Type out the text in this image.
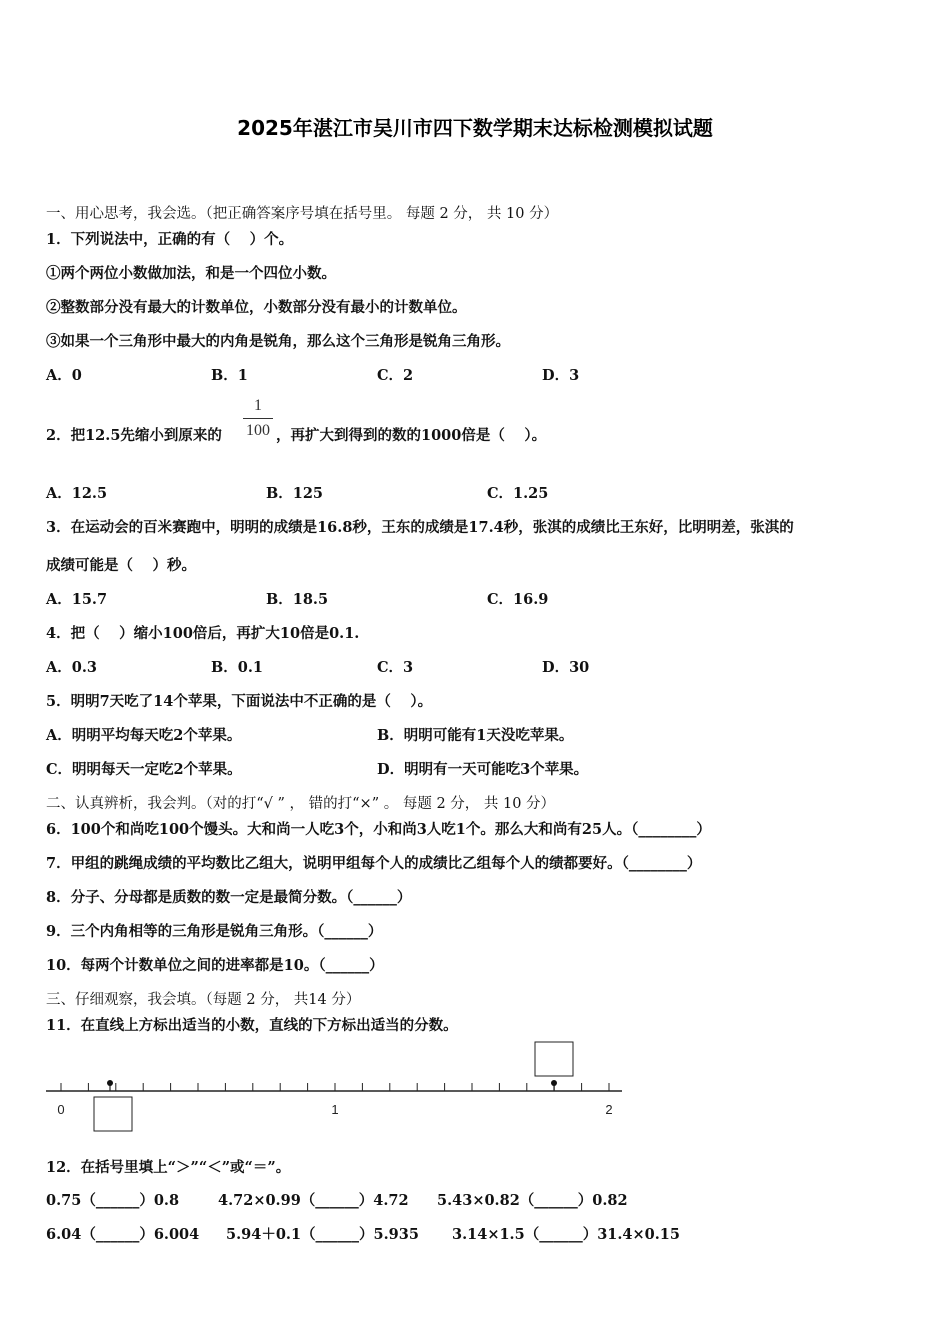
2025年湛江市吴川市四下数学期末达标检测模拟试题
一、用心思考，我会选。（把正确答案序号填在括号里。 每题 2 分， 共 10 分）
1．下列说法中，正确的有（　 ）个。
①两个两位小数做加法，和是一个四位小数。
②整数部分没有最大的计数单位，小数部分没有最小的计数单位。
③如果一个三角形中最大的内角是锐角，那么这个三角形是锐角三角形。
A．0	B．1	C．2	D．3
2．把12.5先缩小到原来的
1
100 ，再扩大到得到的数的1000倍是（　 ）。
A．12.5	B．125	C．1.25
3．在运动会的百米赛跑中，明明的成绩是16.8秒，王东的成绩是17.4秒，张淇的成绩比王东好，比明明差，张淇的
成绩可能是（　 ）秒。
A．15.7	B．18.5	C．16.9
4．把（　 ）缩小100倍后，再扩大10倍是0.1.
A．0.3	B．0.1	C．3	D．30
5．明明7天吃了14个苹果，下面说法中不正确的是（　 ）。
A．明明平均每天吃2个苹果。	B．明明可能有1天没吃苹果。
C．明明每天一定吃2个苹果。	D．明明有一天可能吃3个苹果。
二、认真辨析，我会判。（对的打“√ ” ， 错的打“×” 。 每题 2 分， 共 10 分）
6．100个和尚吃100个馒头。大和尚一人吃3个，小和尚3人吃1个。那么大和尚有25人。（________）
7．甲组的跳绳成绩的平均数比乙组大，说明甲组每个人的成绩比乙组每个人的绩都要好。（________）
8．分子、分母都是质数的数一定是最简分数。（______）
9．三个内角相等的三角形是锐角三角形。（______）
10．每两个计数单位之间的进率都是10。（______）
三、仔细观察，我会填。（每题 2 分， 共14 分）
11．在直线上方标出适当的小数，直线的下方标出适当的分数。
0	1	2
12．在括号里填上“＞”“＜”或“＝”。
0.75（______）0.8	4.72×0.99（______）4.72 5.43×0.82（______）0.82
6.04（______）6.004 5.94＋0.1（______）5.935 3.14×1.5（______）31.4×0.15
